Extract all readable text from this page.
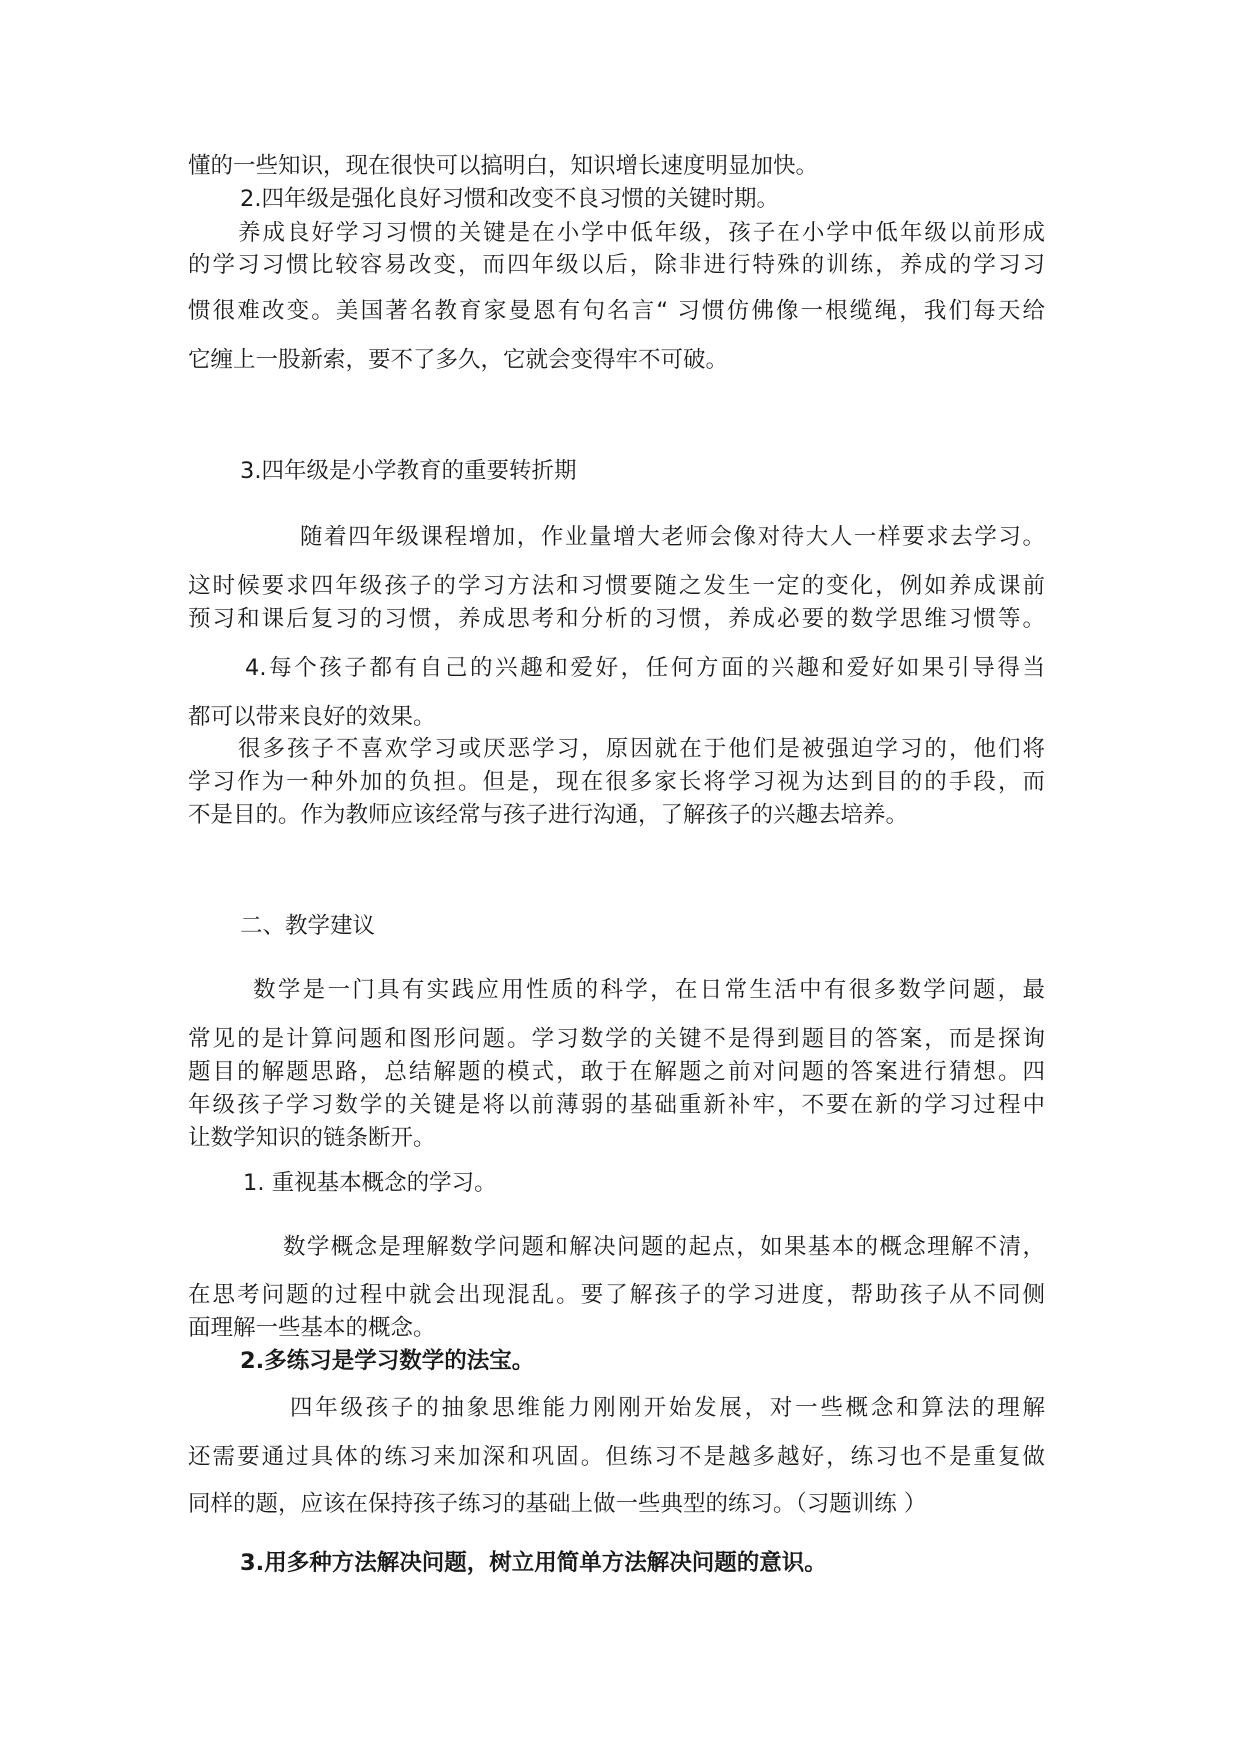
懂的一些知识，现在很快可以搞明白，知识增长速度明显加快。
2.四年级是强化良好习惯和改变不良习惯的关键时期。
养成良好学习习惯的关键是在小学中低年级，孩子在小学中低年级以前形成
的学习习惯比较容易改变，而四年级以后，除非进行特殊的训练，养成的学习习
惯很难改变。美国著名教育家曼恩有句名言“ 习惯仿佛像一根缆绳，我们每天给
它缠上一股新索，要不了多久，它就会变得牢不可破。
3.四年级是小学教育的重要转折期
随着四年级课程增加，作业量增大老师会像对待大人一样要求去学习。
这时候要求四年级孩子的学习方法和习惯要随之发生一定的变化，例如养成课前
预习和课后复习的习惯，养成思考和分析的习惯，养成必要的数学思维习惯等。
4.每个孩子都有自己的兴趣和爱好，任何方面的兴趣和爱好如果引导得当
都可以带来良好的效果。
很多孩子不喜欢学习或厌恶学习，原因就在于他们是被强迫学习的，他们将
学习作为一种外加的负担。但是，现在很多家长将学习视为达到目的的手段，而
不是目的。作为教师应该经常与孩子进行沟通，了解孩子的兴趣去培养。
二、教学建议
数学是一门具有实践应用性质的科学，在日常生活中有很多数学问题，最
常见的是计算问题和图形问题。学习数学的关键不是得到题目的答案，而是探询
题目的解题思路，总结解题的模式，敢于在解题之前对问题的答案进行猜想。四
年级孩子学习数学的关键是将以前薄弱的基础重新补牢，不要在新的学习过程中
让数学知识的链条断开。
1. 重视基本概念的学习。
数学概念是理解数学问题和解决问题的起点，如果基本的概念理解不清，
在思考问题的过程中就会出现混乱。要了解孩子的学习进度，帮助孩子从不同侧
面理解一些基本的概念。
2.多练习是学习数学的法宝。
四年级孩子的抽象思维能力刚刚开始发展，对一些概念和算法的理解
还需要通过具体的练习来加深和巩固。但练习不是越多越好，练习也不是重复做
同样的题，应该在保持孩子练习的基础上做一些典型的练习。（习题训练 ）
3.用多种方法解决问题，树立用简单方法解决问题的意识。
